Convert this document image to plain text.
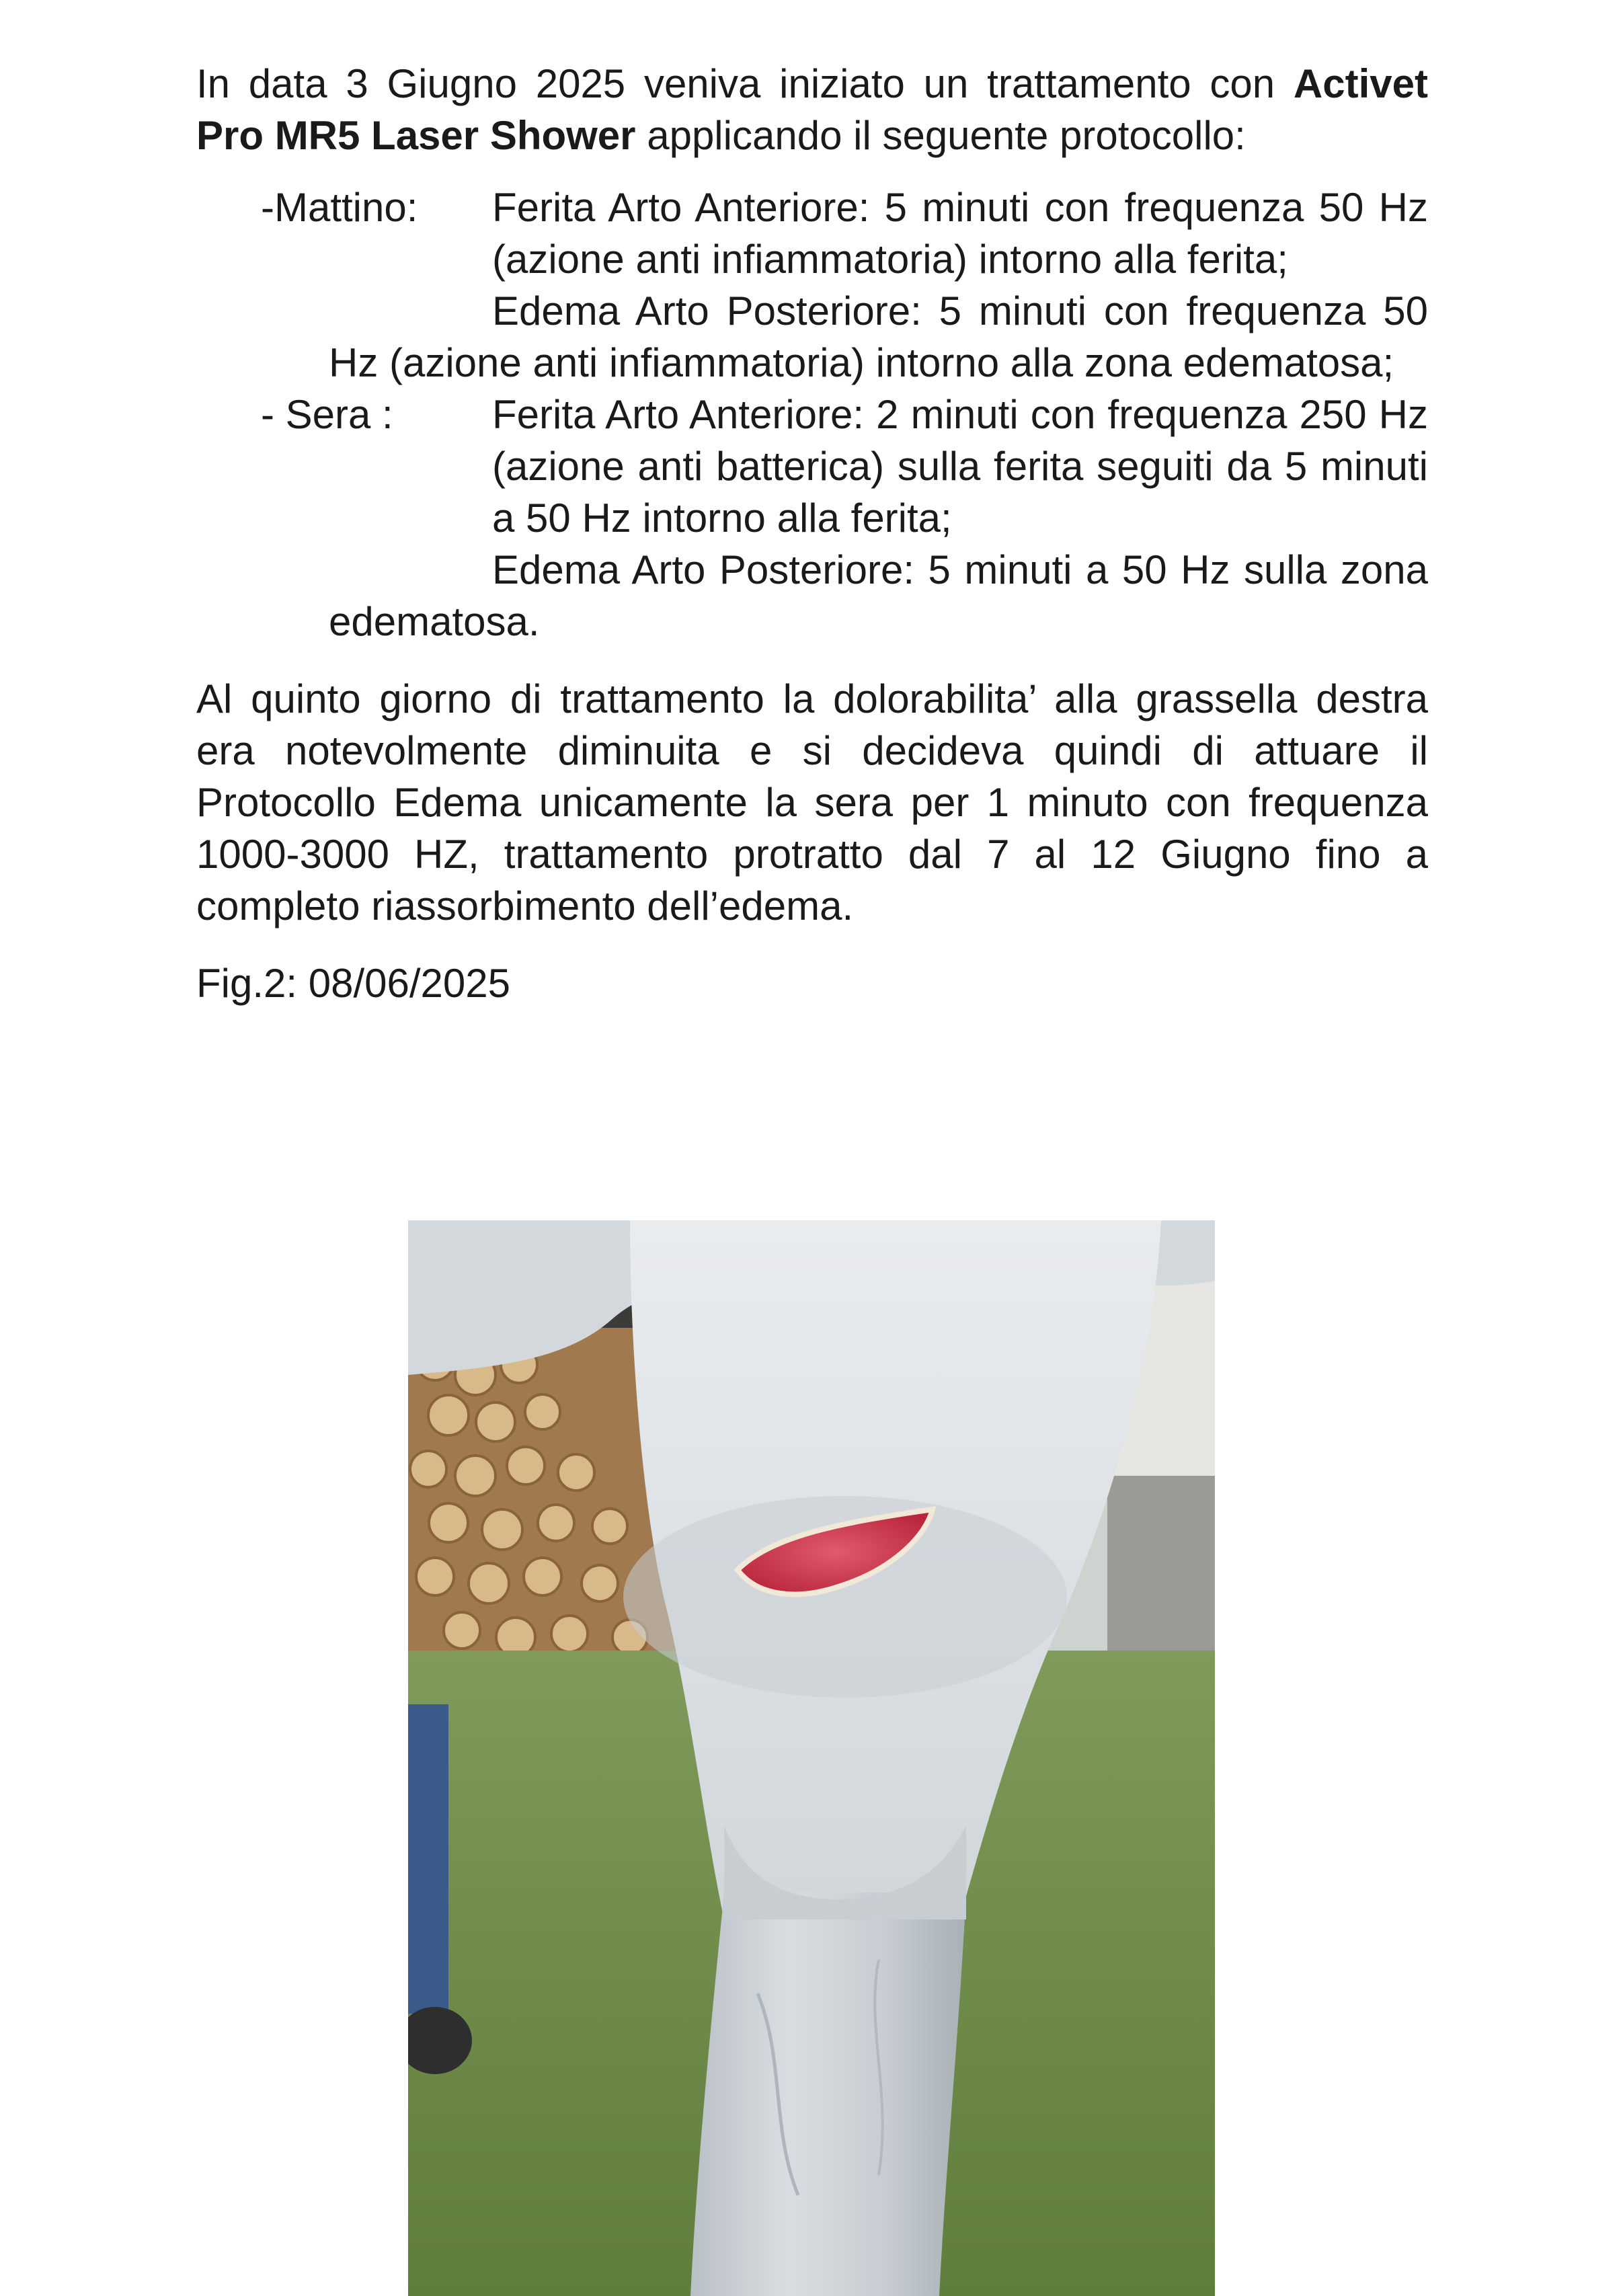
In data 3 Giugno 2025 veniva iniziato un trattamento con Activet Pro MR5 Laser Shower applicando il seguente protocollo:

-Mattino:	Ferita Arto Anteriore: 5 minuti con frequenza 50 Hz (azione anti infiammatoria) intorno alla ferita;
Edema Arto Posteriore: 5 minuti con frequenza 50 Hz (azione anti infiammatoria) intorno alla zona edematosa;
- Sera :	Ferita Arto Anteriore: 2 minuti con frequenza 250 Hz (azione anti batterica) sulla ferita seguiti da 5 minuti a 50 Hz intorno alla ferita;
Edema Arto Posteriore: 5 minuti a 50 Hz sulla zona edematosa.

Al quinto giorno di trattamento la dolorabilita’ alla grassella destra era notevolmente diminuita e si decideva quindi di attuare il Protocollo Edema unicamente la sera per 1 minuto con frequenza 1000-3000 HZ, trattamento protratto dal 7 al 12 Giugno fino a completo riassorbimento dell’edema.

Fig.2: 08/06/2025
